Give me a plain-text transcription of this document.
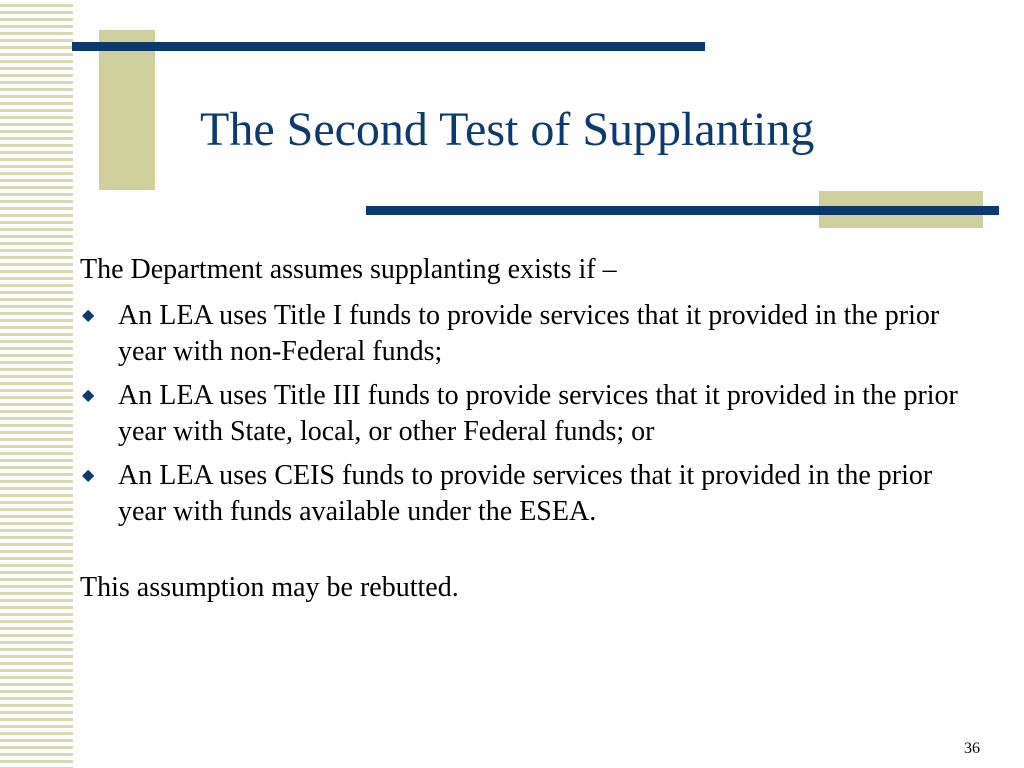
The Second Test of Supplanting

The Department assumes supplanting exists if –

◆ An LEA uses Title I funds to provide services that it provided in the prior year with non-Federal funds;
◆ An LEA uses Title III funds to provide services that it provided in the prior year with State, local, or other Federal funds; or
◆ An LEA uses CEIS funds to provide services that it provided in the prior year with funds available under the ESEA.

This assumption may be rebutted.

36
